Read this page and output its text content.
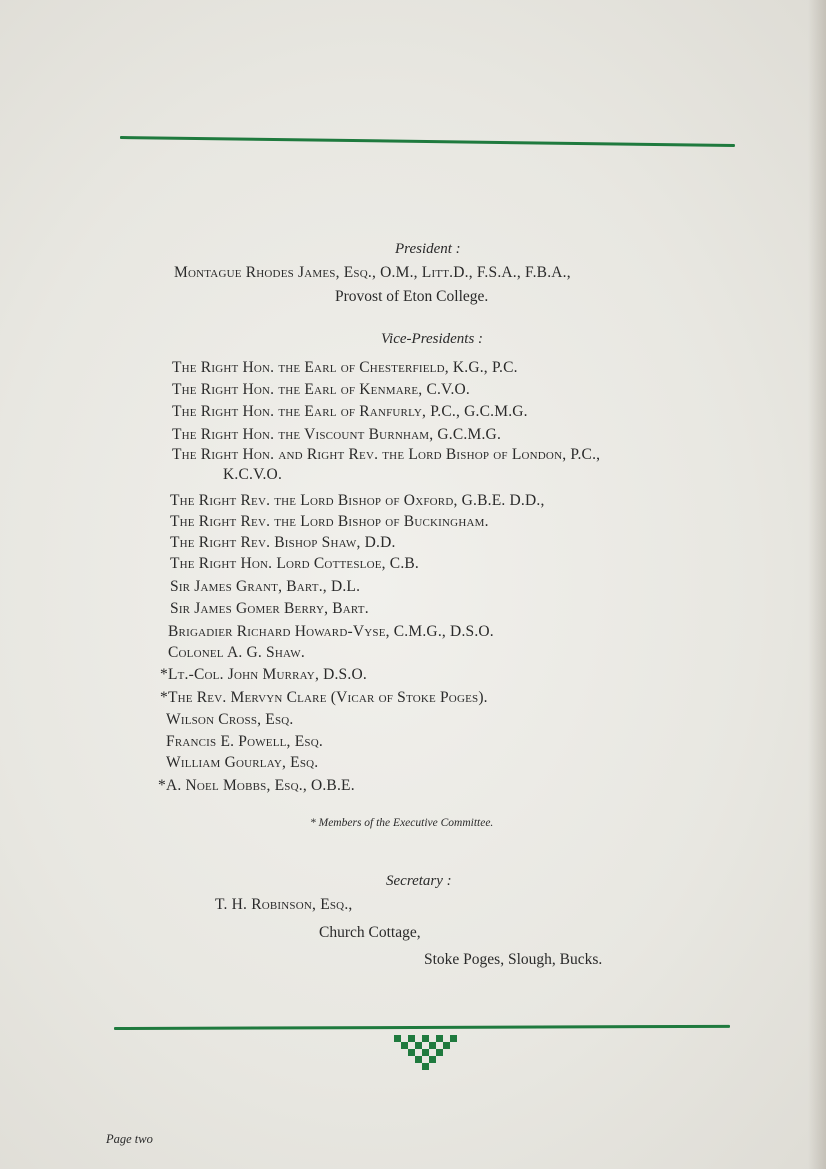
President :
Montague Rhodes James, Esq., O.M., Litt.D., F.S.A., F.B.A.,
Provost of Eton College.
Vice-Presidents :
The Right Hon. the Earl of Chesterfield, K.G., P.C.
The Right Hon. the Earl of Kenmare, C.V.O.
The Right Hon. the Earl of Ranfurly, P.C., G.C.M.G.
The Right Hon. the Viscount Burnham, G.C.M.G.
The Right Hon. and Right Rev. the Lord Bishop of London, P.C.,
K.C.V.O.
The Right Rev. the Lord Bishop of Oxford, G.B.E. D.D.,
The Right Rev. the Lord Bishop of Buckingham.
The Right Rev. Bishop Shaw, D.D.
The Right Hon. Lord Cottesloe, C.B.
Sir James Grant, Bart., D.L.
Sir James Gomer Berry, Bart.
Brigadier Richard Howard-Vyse, C.M.G., D.S.O.
Colonel A. G. Shaw.
*Lt.-Col. John Murray, D.S.O.
*The Rev. Mervyn Clare (Vicar of Stoke Poges).
Wilson Cross, Esq.
Francis E. Powell, Esq.
William Gourlay, Esq.
*A. Noel Mobbs, Esq., O.B.E.
* Members of the Executive Committee.
Secretary :
T. H. Robinson, Esq.,
Church Cottage,
Stoke Poges, Slough, Bucks.
Page two
